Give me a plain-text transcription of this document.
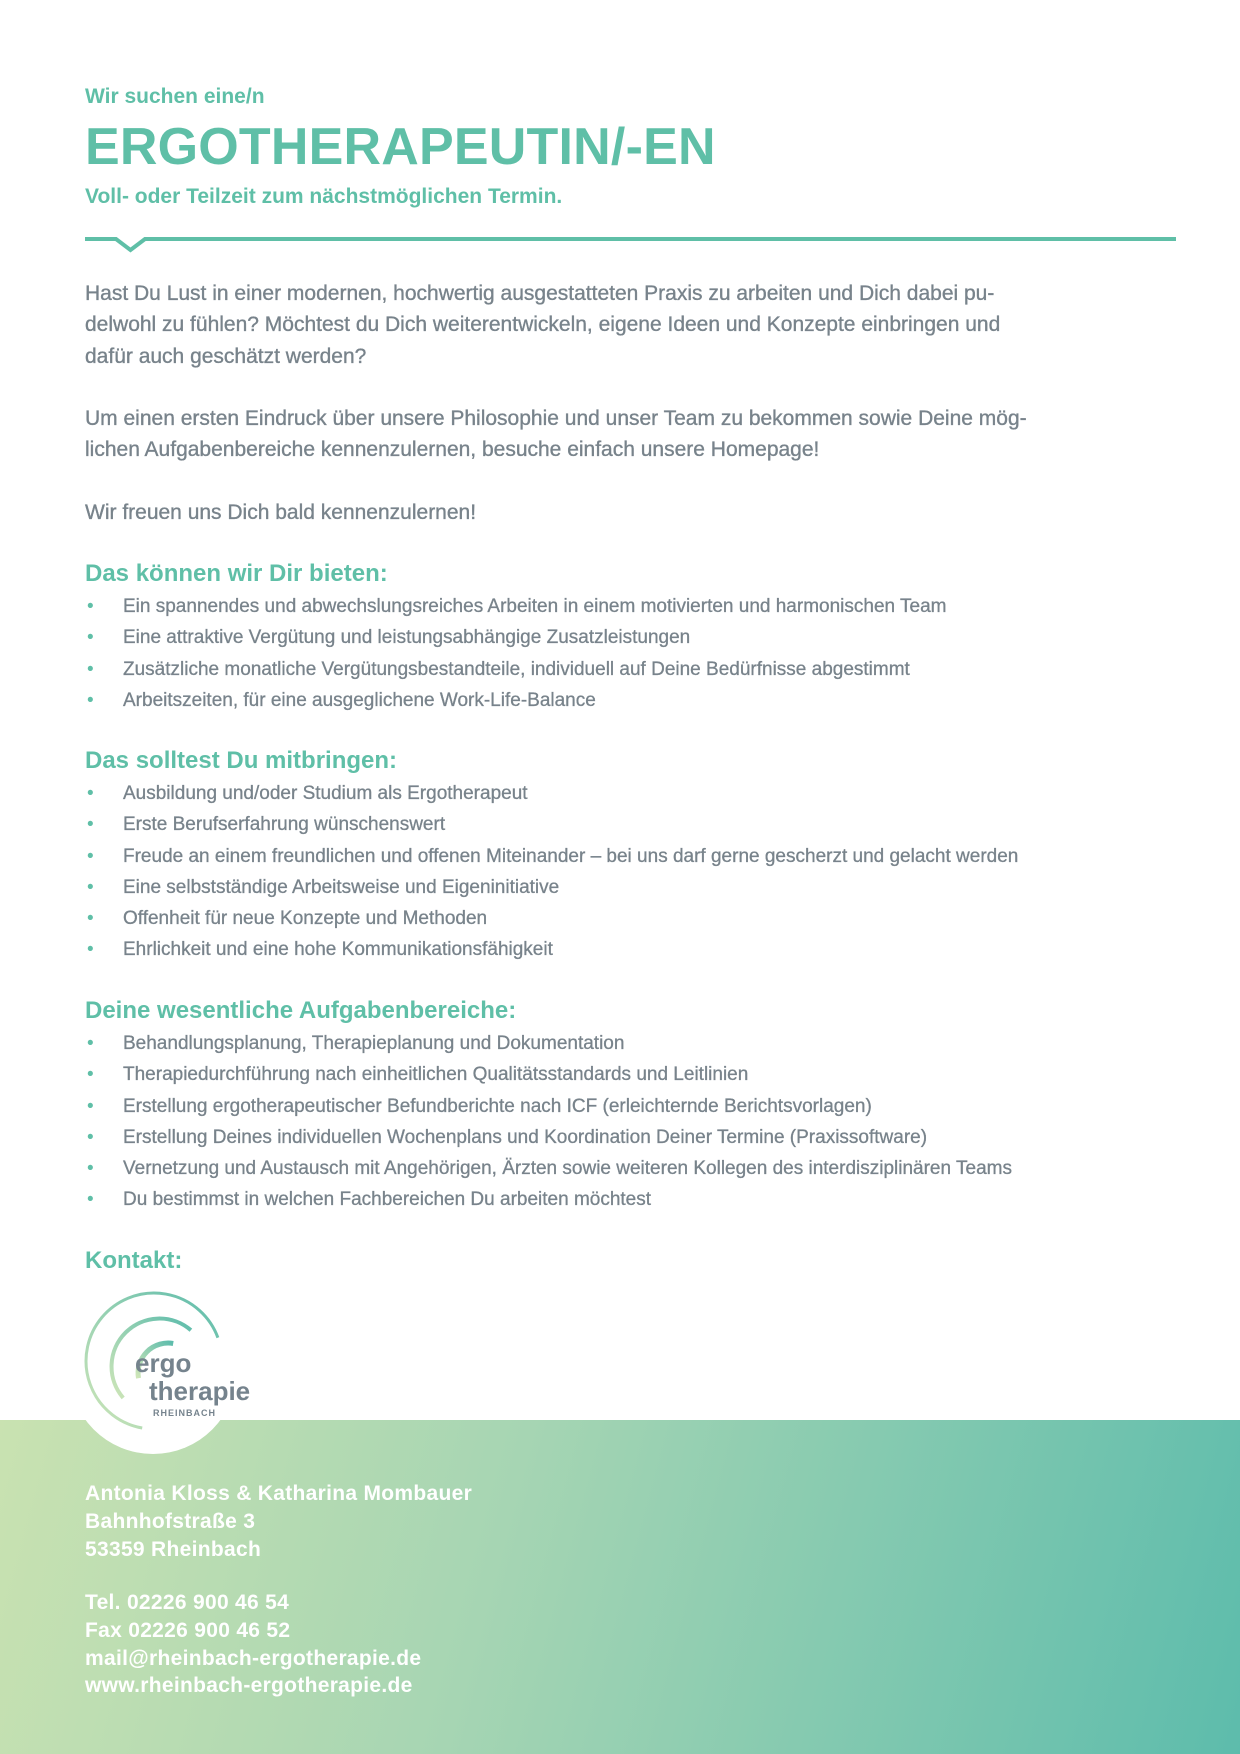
Wir suchen eine/n
ERGOTHERAPEUTIN/-EN
Voll- oder Teilzeit zum nächstmöglichen Termin.
Hast Du Lust in einer modernen, hochwertig ausgestatteten Praxis zu arbeiten und Dich dabei pu-
delwohl zu fühlen? Möchtest du Dich weiterentwickeln, eigene Ideen und Konzepte einbringen und
dafür auch geschätzt werden?
Um einen ersten Eindruck über unsere Philosophie und unser Team zu bekommen sowie Deine mög-
lichen Aufgabenbereiche kennenzulernen, besuche einfach unsere Homepage!
Wir freuen uns Dich bald kennenzulernen!
Das können wir Dir bieten:
•
Ein spannendes und abwechslungsreiches Arbeiten in einem motivierten und harmonischen Team
•
Eine attraktive Vergütung und leistungsabhängige Zusatzleistungen
•
Zusätzliche monatliche Vergütungsbestandteile, individuell auf Deine Bedürfnisse abgestimmt
•
Arbeitszeiten, für eine ausgeglichene Work-Life-Balance
Das solltest Du mitbringen:
•
Ausbildung und/oder Studium als Ergotherapeut
•
Erste Berufserfahrung wünschenswert
•
Freude an einem freundlichen und offenen Miteinander – bei uns darf gerne gescherzt und gelacht werden
•
Eine selbstständige Arbeitsweise und Eigeninitiative
•
Offenheit für neue Konzepte und Methoden
•
Ehrlichkeit und eine hohe Kommunikationsfähigkeit
Deine wesentliche Aufgabenbereiche:
•
Behandlungsplanung, Therapieplanung und Dokumentation
•
Therapiedurchführung nach einheitlichen Qualitätsstandards und Leitlinien
•
Erstellung ergotherapeutischer Befundberichte nach ICF (erleichternde Berichtsvorlagen)
•
Erstellung Deines individuellen Wochenplans und Koordination Deiner Termine (Praxissoftware)
•
Vernetzung und Austausch mit Angehörigen, Ärzten sowie weiteren Kollegen des interdisziplinären Teams
•
Du bestimmst in welchen Fachbereichen Du arbeiten möchtest
Kontakt:
ergo
therapie
RHEINBACH
Antonia Kloss & Katharina Mombauer
Bahnhofstraße 3
53359 Rheinbach
Tel. 02226 900 46 54
Fax 02226 900 46 52
mail@rheinbach-ergotherapie.de
www.rheinbach-ergotherapie.de
